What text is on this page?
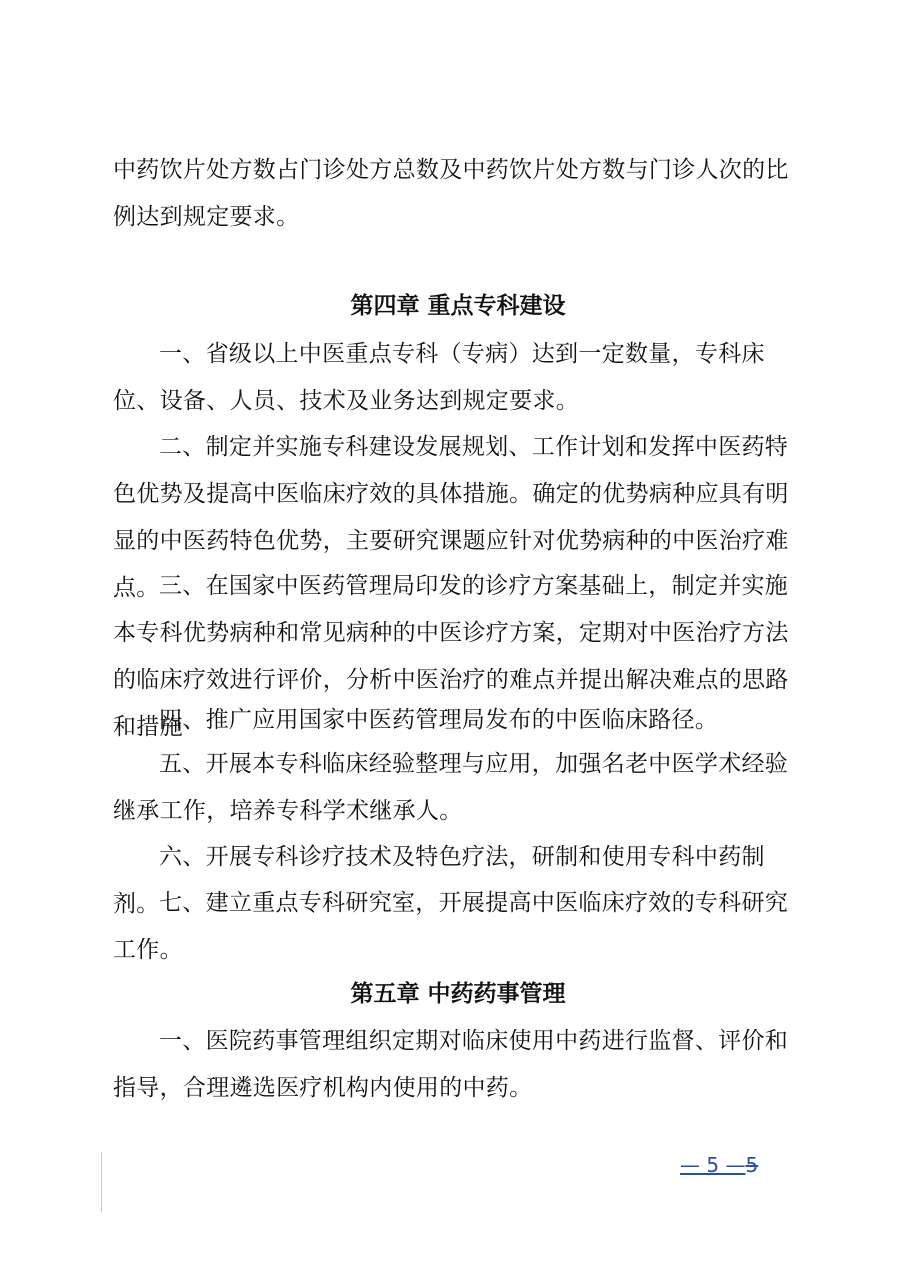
中药饮片处方数占门诊处方总数及中药饮片处方数与门诊人次的比例达到规定要求。

第四章 重点专科建设

一、省级以上中医重点专科（专病）达到一定数量，专科床位、设备、人员、技术及业务达到规定要求。

二、制定并实施专科建设发展规划、工作计划和发挥中医药特色优势及提高中医临床疗效的具体措施。确定的优势病种应具有明显的中医药特色优势，主要研究课题应针对优势病种的中医治疗难点。 三、在国家中医药管理局印发的诊疗方案基础上，制定并实施本专科优势病种和常见病种的中医诊疗方案，定期对中医治疗方法的临床疗效进行评价，分析中医治疗的难点并提出解决难点的思路和措施

四、推广应用国家中医药管理局发布的中医临床路径。

五、开展本专科临床经验整理与应用，加强名老中医学术经验继承工作，培养专科学术继承人。

六、开展专科诊疗技术及特色疗法，研制和使用专科中药制剂。 七、建立重点专科研究室，开展提高中医临床疗效的专科研究工作。

第五章 中药药事管理

一、医院药事管理组织定期对临床使用中药进行监督、评价和指导，合理遴选医疗机构内使用的中药。

— 5 —5
